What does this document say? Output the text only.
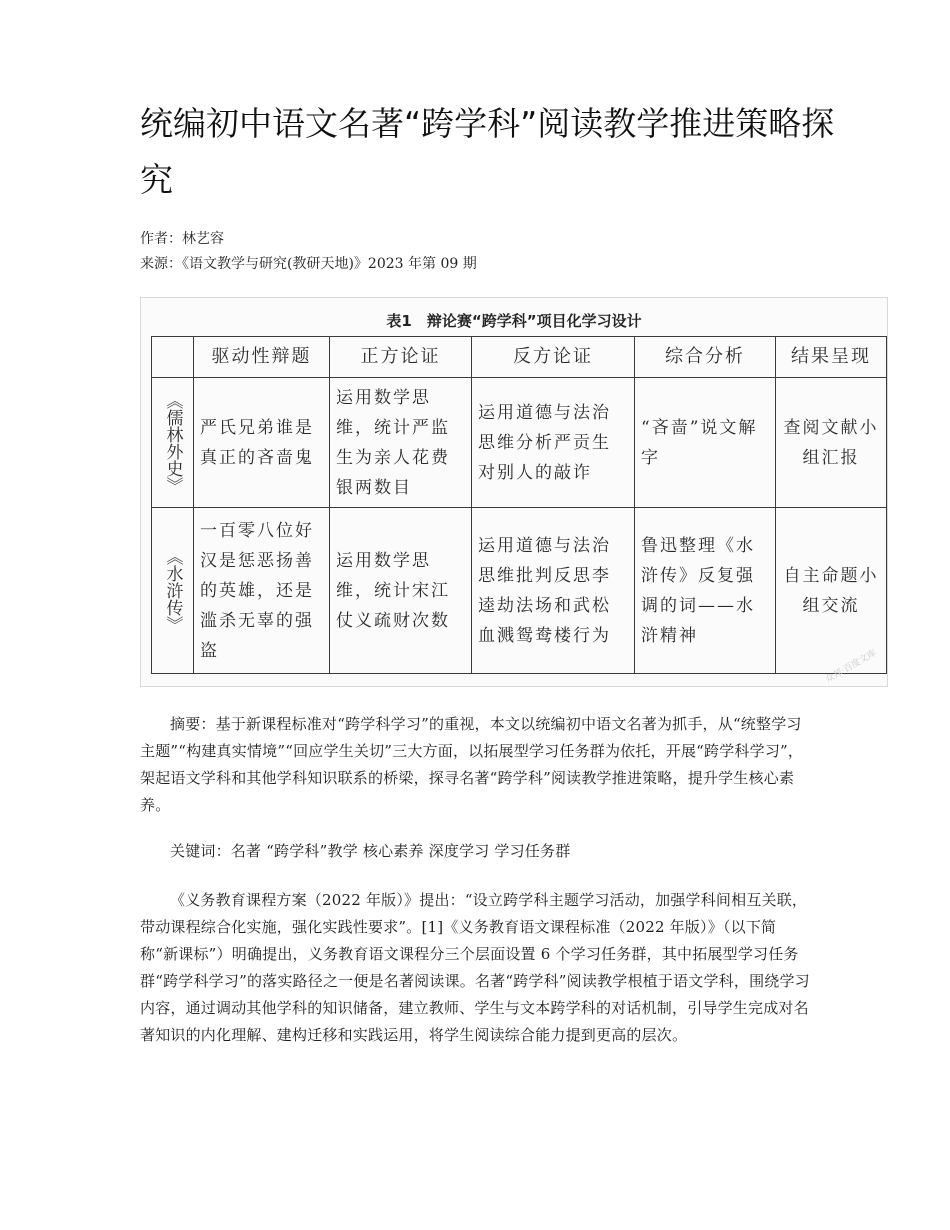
统编初中语文名著“跨学科”阅读教学推进策略探究
作者：林艺容
来源：《语文教学与研究(教研天地)》2023 年第 09 期
表1　辩论赛“跨学科”项目化学习设计
	驱动性辩题	正方论证	反方论证	综合分析	结果呈现
《儒林外史》	严氏兄弟谁是真正的吝啬鬼	运用数学思维，统计严监生为亲人花费银两数目	运用道德与法治思维分析严贡生对别人的敲诈	“吝啬”说文解字	查阅文献小组汇报
《水浒传》	一百零八位好汉是惩恶扬善的英雄，还是滥杀无辜的强盗	运用数学思维，统计宋江仗义疏财次数	运用道德与法治思维批判反思李逵劫法场和武松血溅鸳鸯楼行为	鲁迅整理《水浒传》反复强调的词——水浒精神	自主命题小组交流
众邦·百度文库
摘要：基于新课程标准对“跨学科学习”的重视，本文以统编初中语文名著为抓手，从“统整学习主题”“构建真实情境”“回应学生关切”三大方面，以拓展型学习任务群为依托，开展“跨学科学习”，架起语文学科和其他学科知识联系的桥梁，探寻名著“跨学科”阅读教学推进策略，提升学生核心素养。
关键词：名著 “跨学科”教学 核心素养 深度学习 学习任务群
《义务教育课程方案（2022 年版）》提出：“设立跨学科主题学习活动，加强学科间相互关联，带动课程综合化实施，强化实践性要求”。[1]《义务教育语文课程标准（2022 年版）》（以下简称“新课标”）明确提出，义务教育语文课程分三个层面设置 6 个学习任务群，其中拓展型学习任务群“跨学科学习”的落实路径之一便是名著阅读课。名著“跨学科”阅读教学根植于语文学科，围绕学习内容，通过调动其他学科的知识储备，建立教师、学生与文本跨学科的对话机制，引导学生完成对名著知识的内化理解、建构迁移和实践运用，将学生阅读综合能力提到更高的层次。
